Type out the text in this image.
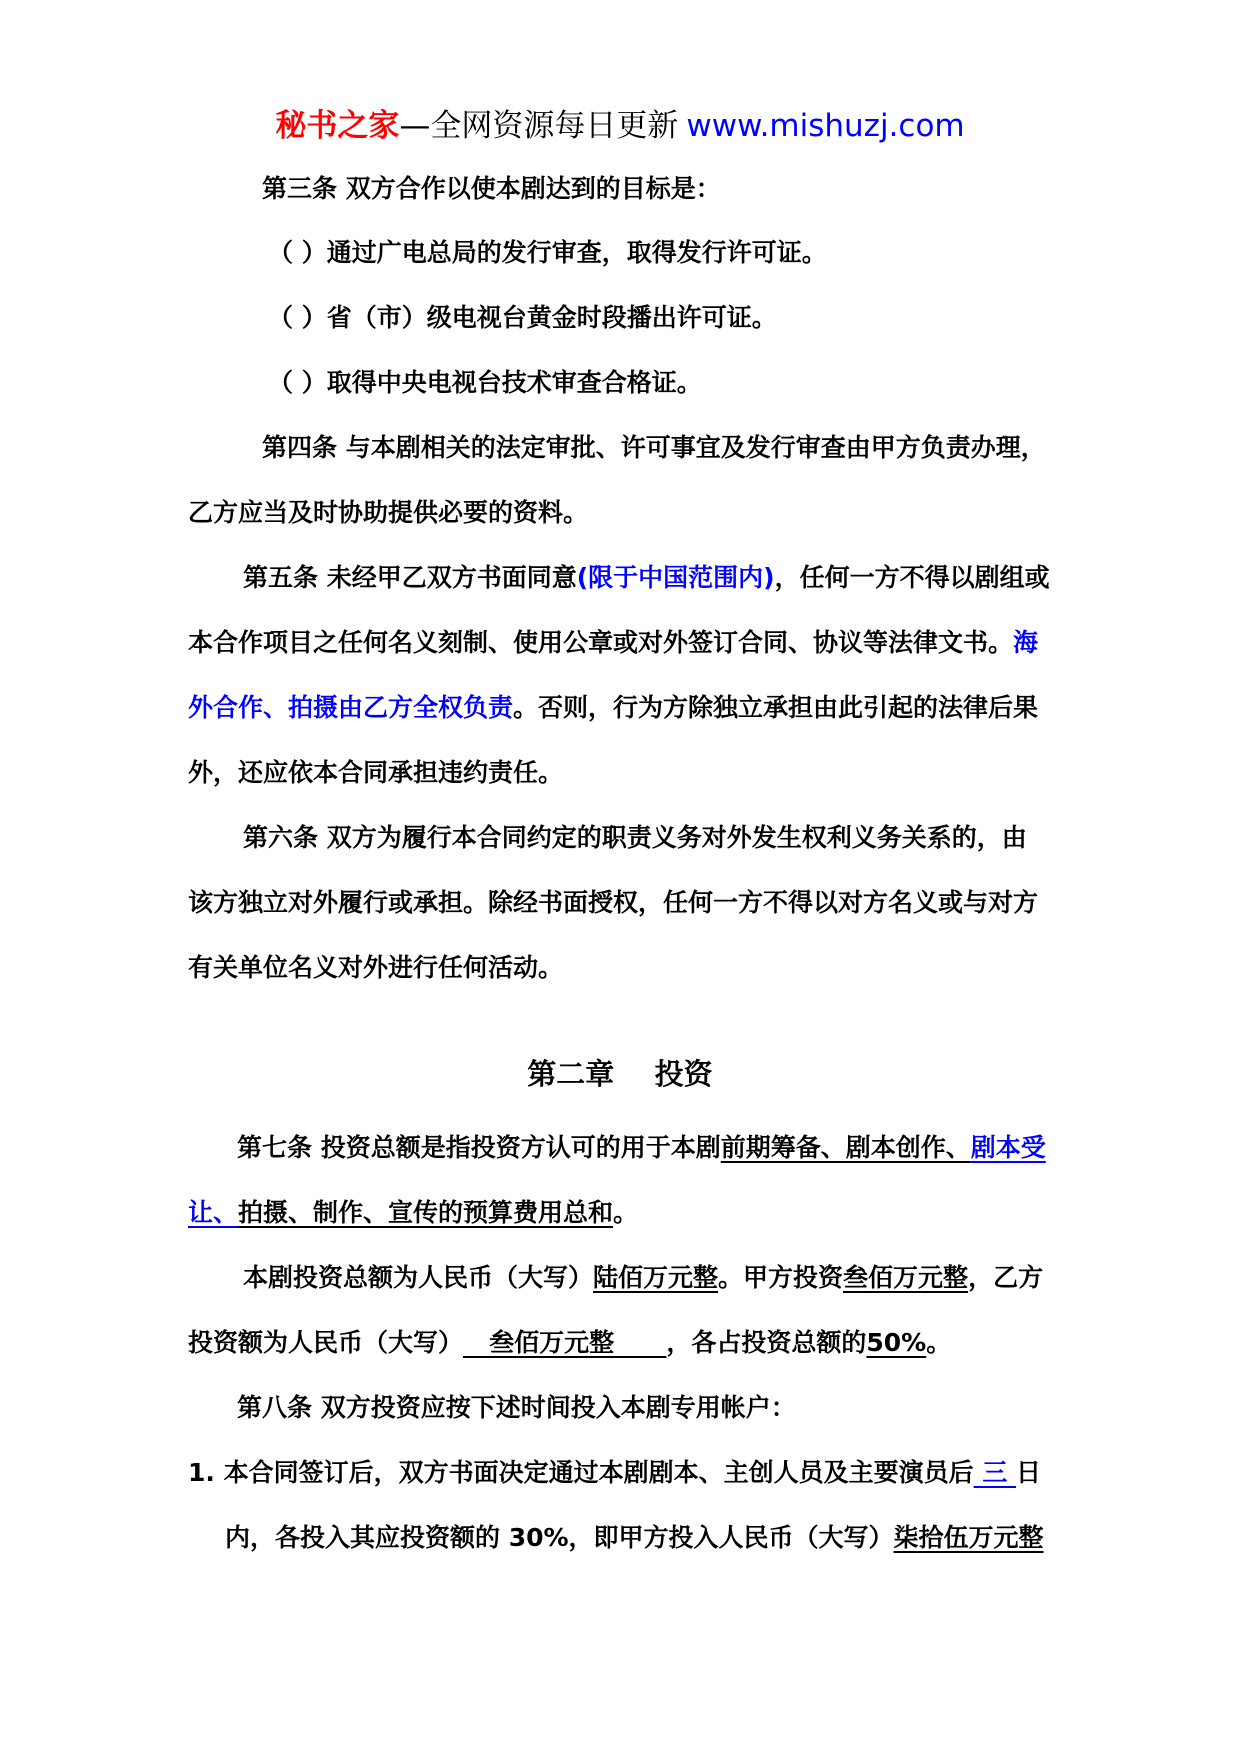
秘书之家—全网资源每日更新 www.mishuzj.com
第三条 双方合作以使本剧达到的目标是：
（ ）通过广电总局的发行审查，取得发行许可证。
（ ）省（市）级电视台黄金时段播出许可证。
（ ）取得中央电视台技术审查合格证。
第四条 与本剧相关的法定审批、许可事宜及发行审查由甲方负责办理，
乙方应当及时协助提供必要的资料。
第五条 未经甲乙双方书面同意(限于中国范围内)，任何一方不得以剧组或
本合作项目之任何名义刻制、使用公章或对外签订合同、协议等法律文书。海
外合作、拍摄由乙方全权负责。否则，行为方除独立承担由此引起的法律后果
外，还应依本合同承担违约责任。
第六条 双方为履行本合同约定的职责义务对外发生权利义务关系的，由
该方独立对外履行或承担。除经书面授权，任何一方不得以对方名义或与对方
有关单位名义对外进行任何活动。
第二章    投资
第七条 投资总额是指投资方认可的用于本剧前期筹备、剧本创作、剧本受
让、拍摄、制作、宣传的预算费用总和。
本剧投资总额为人民币（大写）陆佰万元整。甲方投资叁佰万元整，乙方
投资额为人民币（大写）   叁佰万元整      ，各占投资总额的50%。
第八条 双方投资应按下述时间投入本剧专用帐户：
1. 本合同签订后，双方书面决定通过本剧剧本、主创人员及主要演员后 三 日
内，各投入其应投资额的 30%，即甲方投入人民币（大写）柒拾伍万元整
